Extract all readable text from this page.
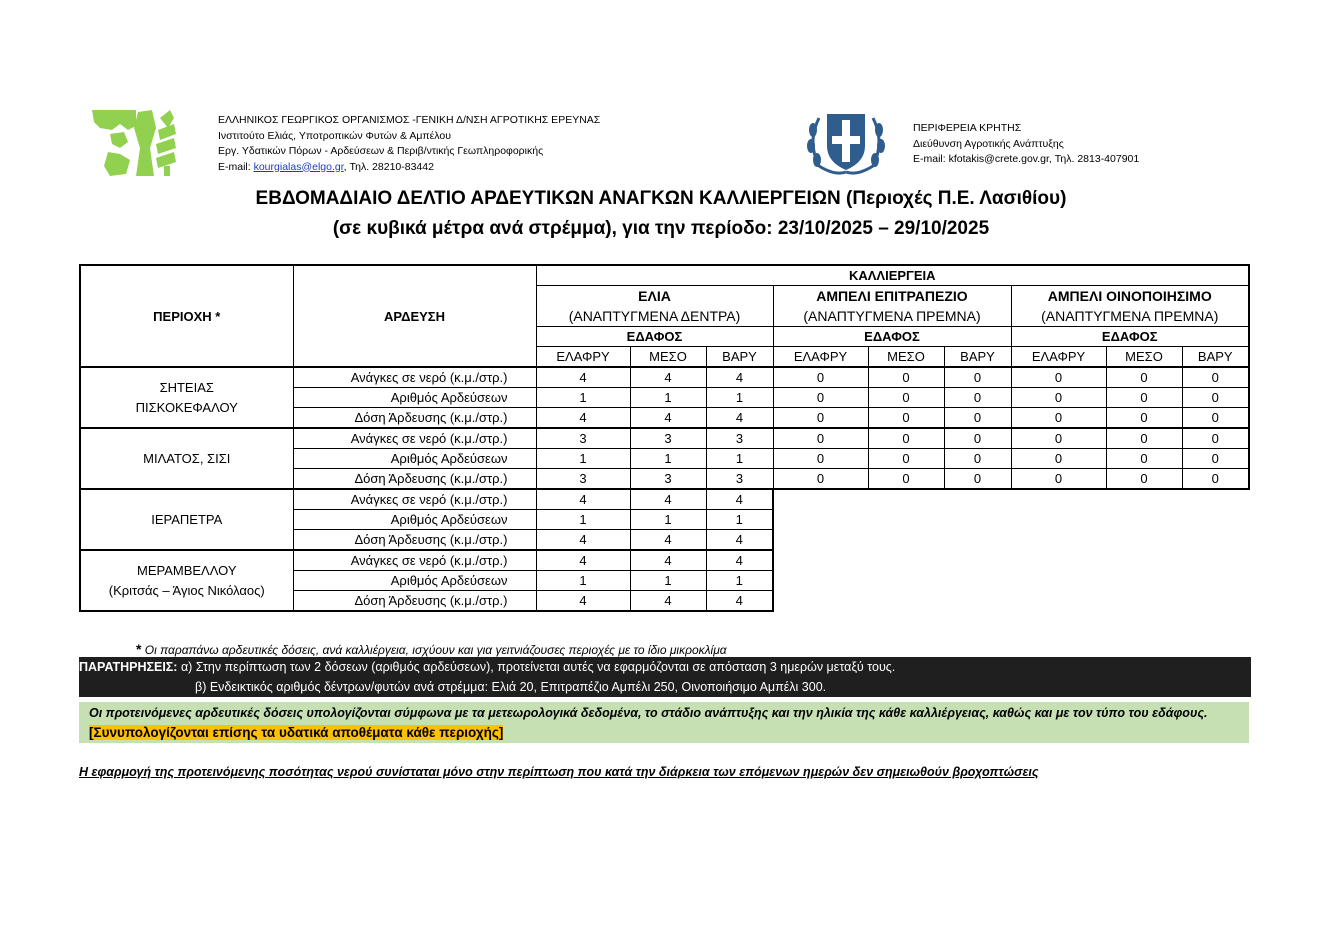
ΕΛΛΗΝΙΚΟΣ ΓΕΩΡΓΙΚΟΣ ΟΡΓΑΝΙΣΜΟΣ -ΓΕΝΙΚΗ Δ/ΝΣΗ ΑΓΡΟΤΙΚΗΣ ΕΡΕΥΝΑΣ
Ινστιτούτο Ελιάς, Υποτροπικών Φυτών & Αμπέλου
Εργ. Υδατικών Πόρων - Αρδεύσεων & Περιβ/ντικής Γεωπληροφορικής
E-mail: kourgialas@elgo.gr, Τηλ. 28210-83442
ΠΕΡΙΦΕΡΕΙΑ ΚΡΗΤΗΣ
Διεύθυνση Αγροτικής Ανάπτυξης
E-mail: kfotakis@crete.gov.gr, Τηλ. 2813-407901
ΕΒΔΟΜΑΔΙΑΙΟ ΔΕΛΤΙΟ ΑΡΔΕΥΤΙΚΩΝ ΑΝΑΓΚΩΝ ΚΑΛΛΙΕΡΓΕΙΩΝ (Περιοχές Π.Ε. Λασιθίου)
(σε κυβικά μέτρα ανά στρέμμα), για την περίοδο: 23/10/2025 – 29/10/2025
ΠΕΡΙΟΧΗ *	ΑΡΔΕΥΣΗ	ΚΑΛΛΙΕΡΓΕΙΑ								
		ΕΛΙΑ			ΑΜΠΕΛΙ ΕΠΙΤΡΑΠΕΖΙΟ			ΑΜΠΕΛΙ ΟΙΝΟΠΟΙΗΣΙΜΟ		
		(ΑΝΑΠΤΥΓΜΕΝΑ ΔΕΝΤΡΑ)			(ΑΝΑΠΤΥΓΜΕΝΑ ΠΡΕΜΝΑ)			(ΑΝΑΠΤΥΓΜΕΝΑ ΠΡΕΜΝΑ)		
		ΕΔΑΦΟΣ			ΕΔΑΦΟΣ			ΕΔΑΦΟΣ		
		ΕΛΑΦΡΥ	ΜΕΣΟ	ΒΑΡΥ	ΕΛΑΦΡΥ	ΜΕΣΟ	ΒΑΡΥ	ΕΛΑΦΡΥ	ΜΕΣΟ	ΒΑΡΥ

ΣΗΤΕΙΑΣ
ΠΙΣΚΟΚΕΦΑΛΟΥ	Ανάγκες σε νερό (κ.μ./στρ.)	4	4	4	0	0	0	0	0	0
	Αριθμός Αρδεύσεων	1	1	1	0	0	0	0	0	0
	Δόση Άρδευσης (κ.μ./στρ.)	4	4	4	0	0	0	0	0	0

ΜΙΛΑΤΟΣ, ΣΙΣΙ	Ανάγκες σε νερό (κ.μ./στρ.)	3	3	3	0	0	0	0	0	0
	Αριθμός Αρδεύσεων	1	1	1	0	0	0	0	0	0
	Δόση Άρδευσης (κ.μ./στρ.)	3	3	3	0	0	0	0	0	0

ΙΕΡΑΠΕΤΡΑ	Ανάγκες σε νερό (κ.μ./στρ.)	4	4	4						
	Αριθμός Αρδεύσεων	1	1	1						
	Δόση Άρδευσης (κ.μ./στρ.)	4	4	4						

ΜΕΡΑΜΒΕΛΛΟΥ
(Κριτσάς – Άγιος Νικόλαος)	Ανάγκες σε νερό (κ.μ./στρ.)	4	4	4						
	Αριθμός Αρδεύσεων	1	1	1						
	Δόση Άρδευσης (κ.μ./στρ.)	4	4	4						
* Οι παραπάνω αρδευτικές δόσεις, ανά καλλιέργεια, ισχύουν και για γειτνιάζουσες περιοχές με το ίδιο μικροκλίμα
ΠΑΡΑΤΗΡΗΣΕΙΣ: α) Στην περίπτωση των 2 δόσεων (αριθμός αρδεύσεων), προτείνεται αυτές να εφαρμόζονται σε απόσταση 3 ημερών μεταξύ τους.
β) Ενδεικτικός αριθμός δέντρων/φυτών ανά στρέμμα: Ελιά 20, Επιτραπέζιο Αμπέλι 250, Οινοποιήσιμο Αμπέλι 300.
Οι προτεινόμενες αρδευτικές δόσεις υπολογίζονται σύμφωνα με τα μετεωρολογικά δεδομένα, το στάδιο ανάπτυξης και την ηλικία της κάθε καλλιέργειας, καθώς και με τον τύπο του εδάφους. [Συνυπολογίζονται επίσης τα υδατικά αποθέματα κάθε περιοχής]
Η εφαρμογή της προτεινόμενης ποσότητας νερού συνίσταται μόνο στην περίπτωση που κατά την διάρκεια των επόμενων ημερών δεν σημειωθούν βροχοπτώσεις
